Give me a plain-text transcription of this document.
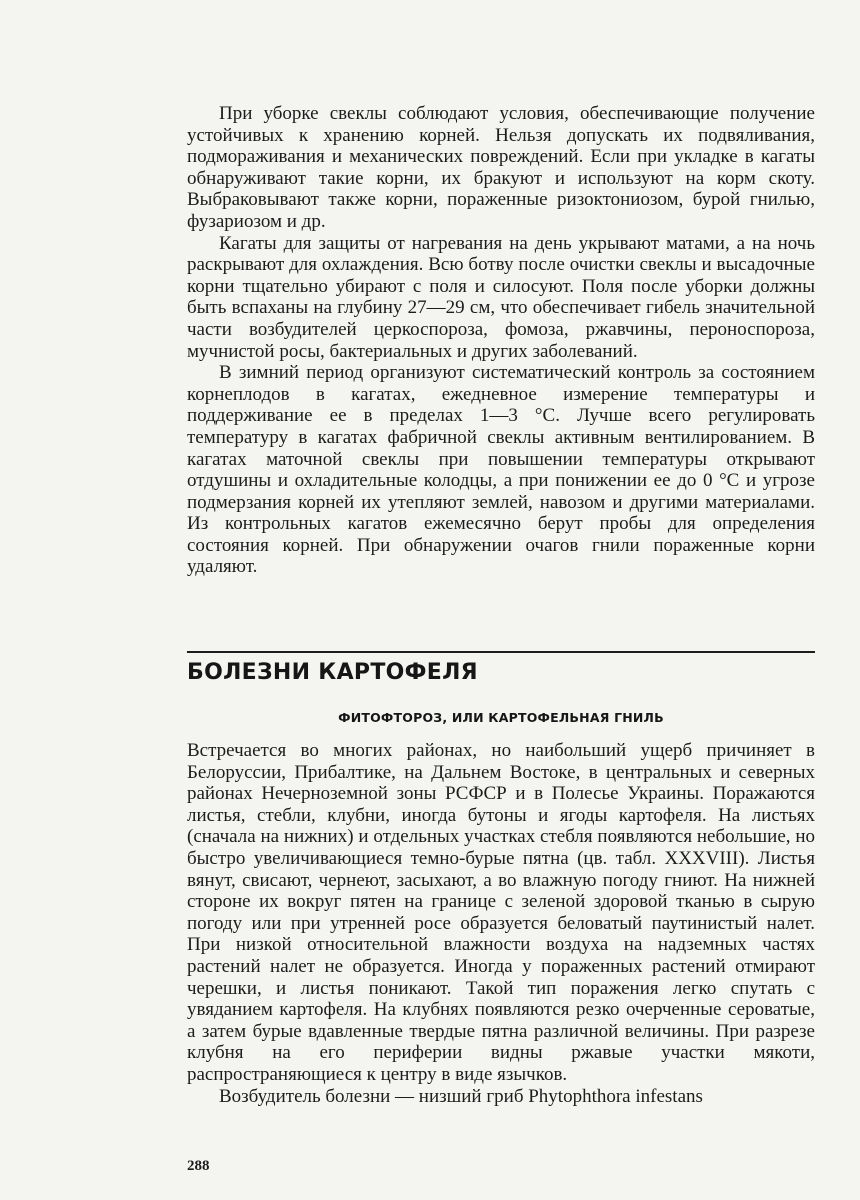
При уборке свеклы соблюдают условия, обеспечивающие получение устойчивых к хранению корней. Нельзя допускать их подвяливания, подмораживания и механических повреждений. Если при укладке в кагаты обнаруживают такие корни, их бракуют и используют на корм скоту. Выбраковывают также корни, пораженные ризоктониозом, бурой гнилью, фузариозом и др.

Кагаты для защиты от нагревания на день укрывают матами, а на ночь раскрывают для охлаждения. Всю ботву после очистки свеклы и высадочные корни тщательно убирают с поля и силосуют. Поля после уборки должны быть вспаханы на глубину 27—29 см, что обеспечивает гибель значительной части возбудителей церкоспороза, фомоза, ржавчины, пероноспороза, мучнистой росы, бактериальных и других заболеваний.

В зимний период организуют систематический контроль за состоянием корнеплодов в кагатах, ежедневное измерение температуры и поддерживание ее в пределах 1—3 °С. Лучше всего регулировать температуру в кагатах фабричной свеклы активным вентилированием. В кагатах маточной свеклы при повышении температуры открывают отдушины и охладительные колодцы, а при понижении ее до 0 °С и угрозе подмерзания корней их утепляют землей, навозом и другими материалами. Из контрольных кагатов ежемесячно берут пробы для определения состояния корней. При обнаружении очагов гнили пораженные корни удаляют.

БОЛЕЗНИ КАРТОФЕЛЯ
ФИТОФТОРОЗ, ИЛИ КАРТОФЕЛЬНАЯ ГНИЛЬ

Встречается во многих районах, но наибольший ущерб причиняет в Белоруссии, Прибалтике, на Дальнем Востоке, в центральных и северных районах Нечерноземной зоны РСФСР и в Полесье Украины. Поражаются листья, стебли, клубни, иногда бутоны и ягоды картофеля. На листьях (сначала на нижних) и отдельных участках стебля появляются небольшие, но быстро увеличивающиеся темно-бурые пятна (цв. табл. XXXVIII). Листья вянут, свисают, чернеют, засыхают, а во влажную погоду гниют. На нижней стороне их вокруг пятен на границе с зеленой здоровой тканью в сырую погоду или при утренней росе образуется беловатый паутинистый налет. При низкой относительной влажности воздуха на надземных частях растений налет не образуется. Иногда у пораженных растений отмирают черешки, и листья поникают. Такой тип поражения легко спутать с увяданием картофеля. На клубнях появляются резко очерченные сероватые, а затем бурые вдавленные твердые пятна различной величины. При разрезе клубня на его периферии видны ржавые участки мякоти, распространяющиеся к центру в виде язычков.

Возбудитель болезни — низший гриб Phytophthora infestans

288
